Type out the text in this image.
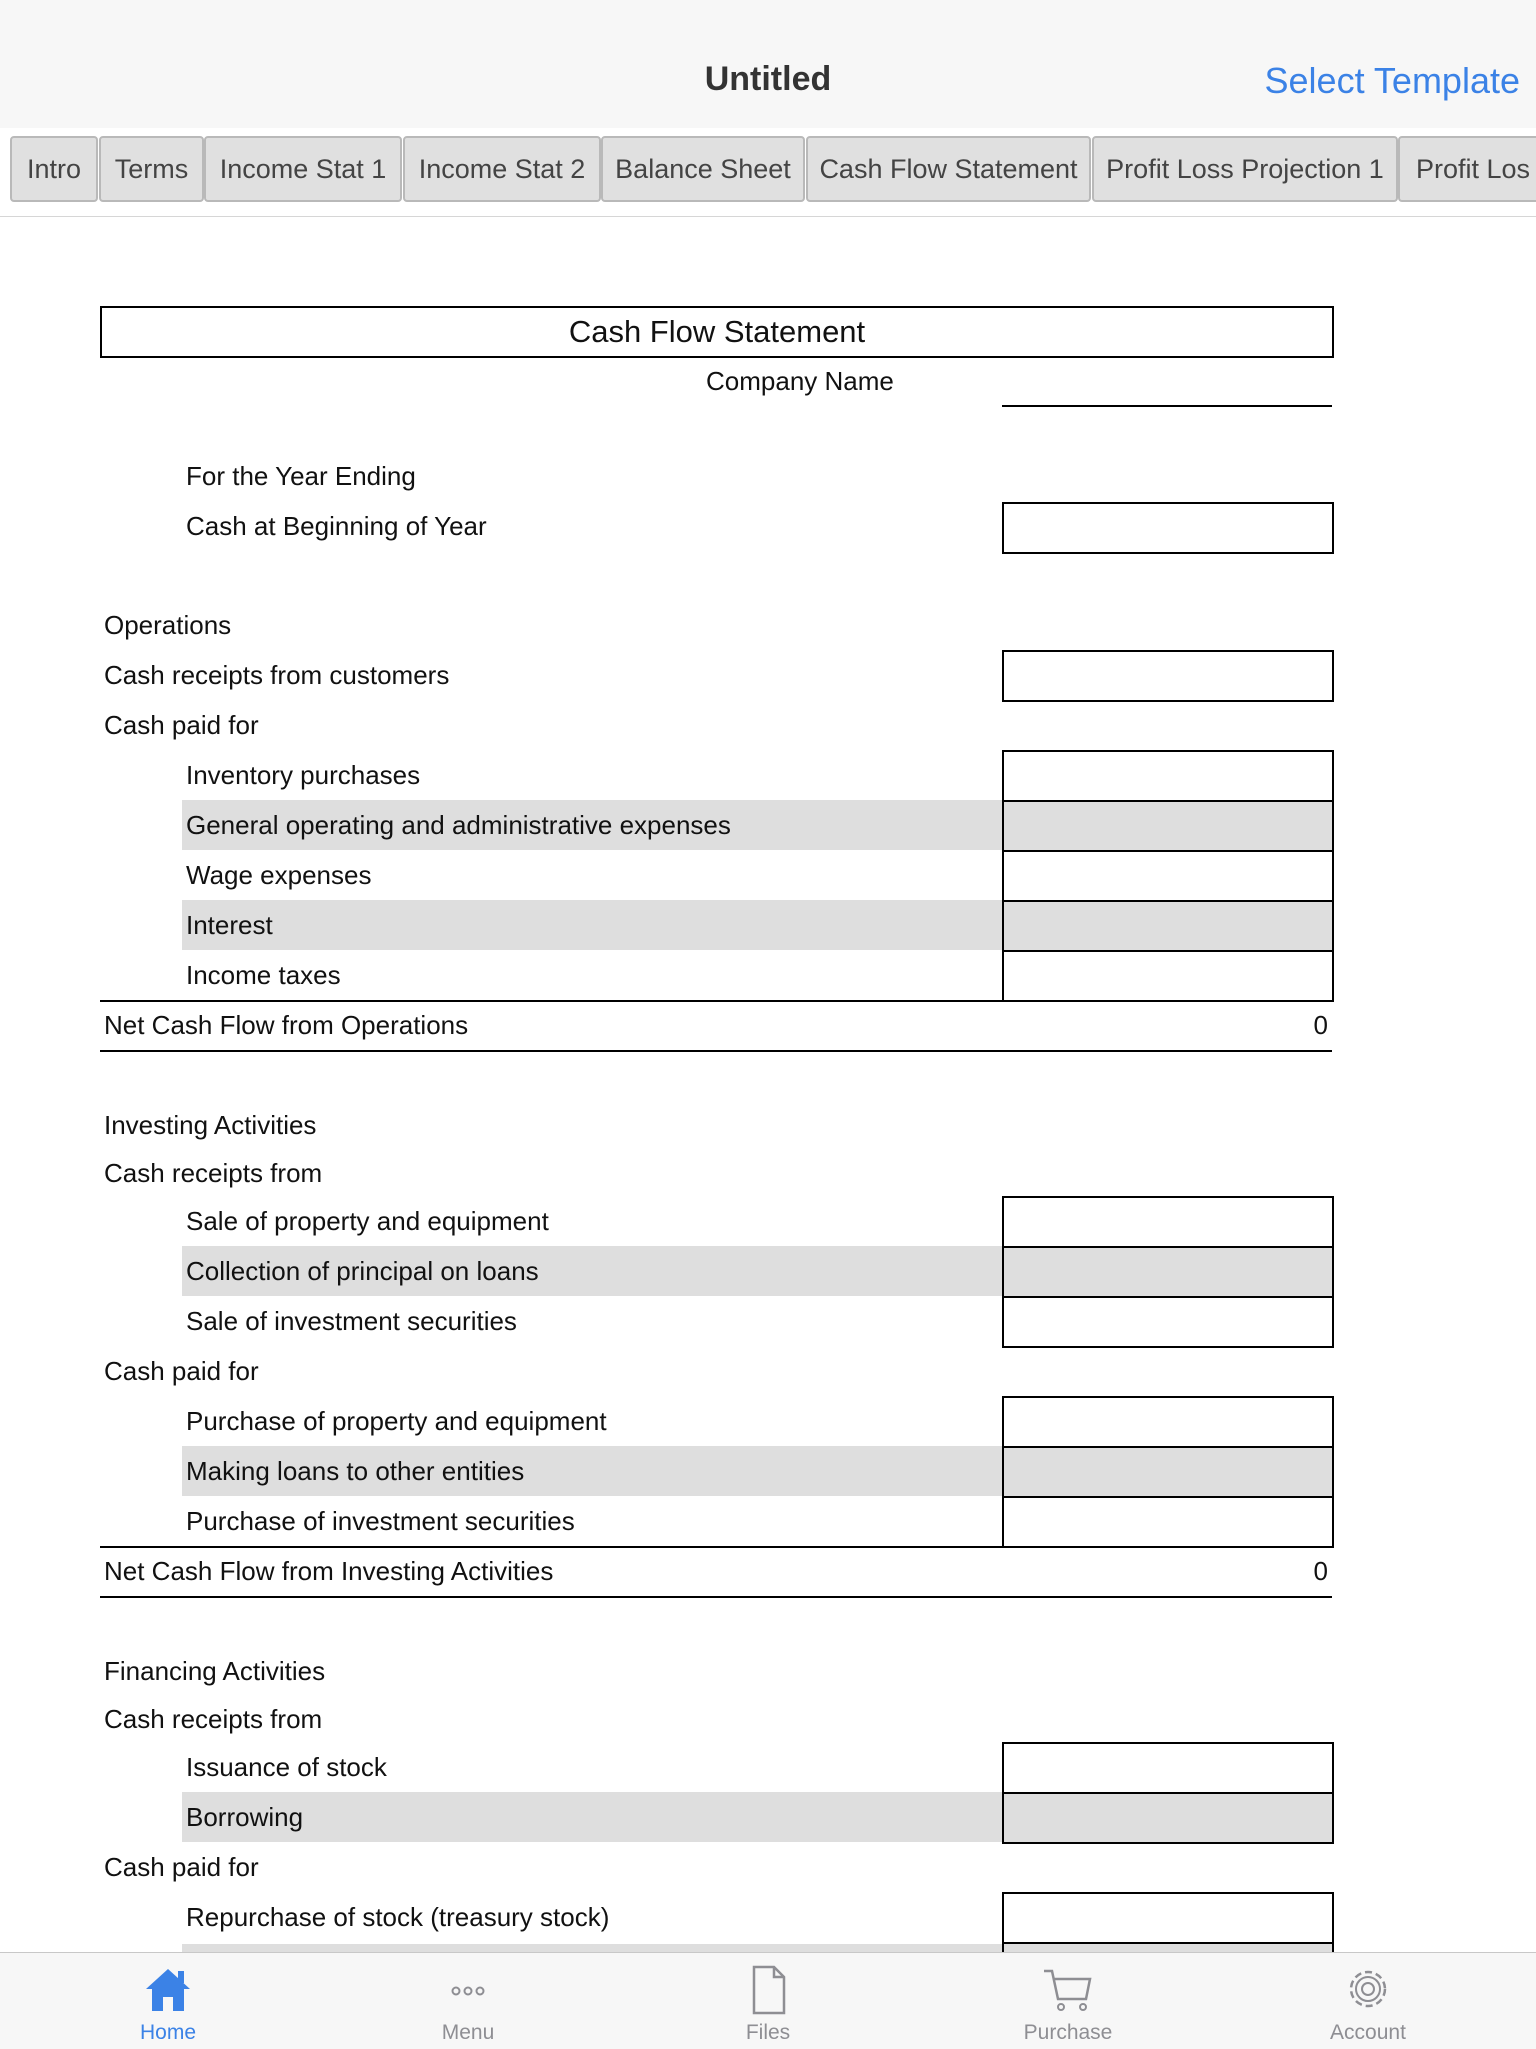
Untitled	Select Template
Intro	Terms	Income Stat 1	Income Stat 2	Balance Sheet	Cash Flow Statement	Profit Loss Projection 1	Profit Los
Cash Flow Statement
Company Name
For the Year Ending
Cash at Beginning of Year
Operations
Cash receipts from customers
Cash paid for
Inventory purchases
General operating and administrative expenses
Wage expenses
Interest
Income taxes
Net Cash Flow from Operations	0
Investing Activities
Cash receipts from
Sale of property and equipment
Collection of principal on loans
Sale of investment securities
Cash paid for
Purchase of property and equipment
Making loans to other entities
Purchase of investment securities
Net Cash Flow from Investing Activities	0
Financing Activities
Cash receipts from
Issuance of stock
Borrowing
Cash paid for
Repurchase of stock (treasury stock)
Home	Menu	Files	Purchase	Account
